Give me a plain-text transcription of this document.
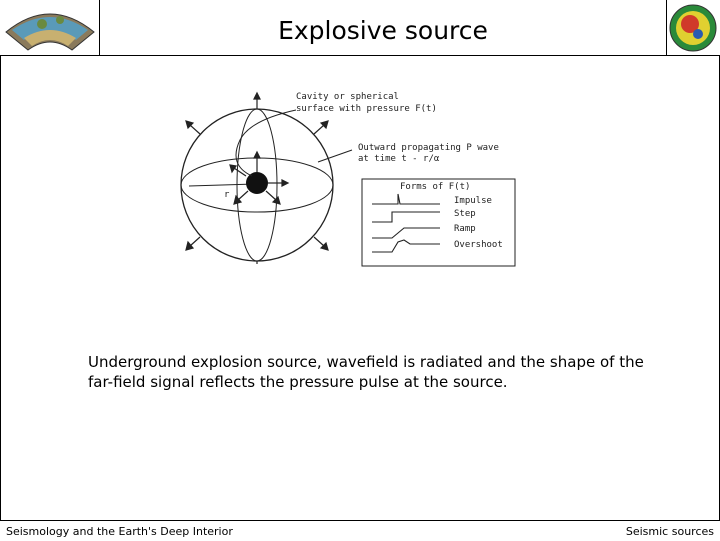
Explosive source
r
Cavity or spherical
surface with pressure F(t)
Outward propagating P wave
at time t - r/α
Forms of F(t)
Impulse
Step
Ramp
Overshoot
Underground explosion source, wavefield is radiated and the shape of the
far-field signal reflects the pressure pulse at the source.
Seismology and the Earth's Deep Interior	Seismic sources
